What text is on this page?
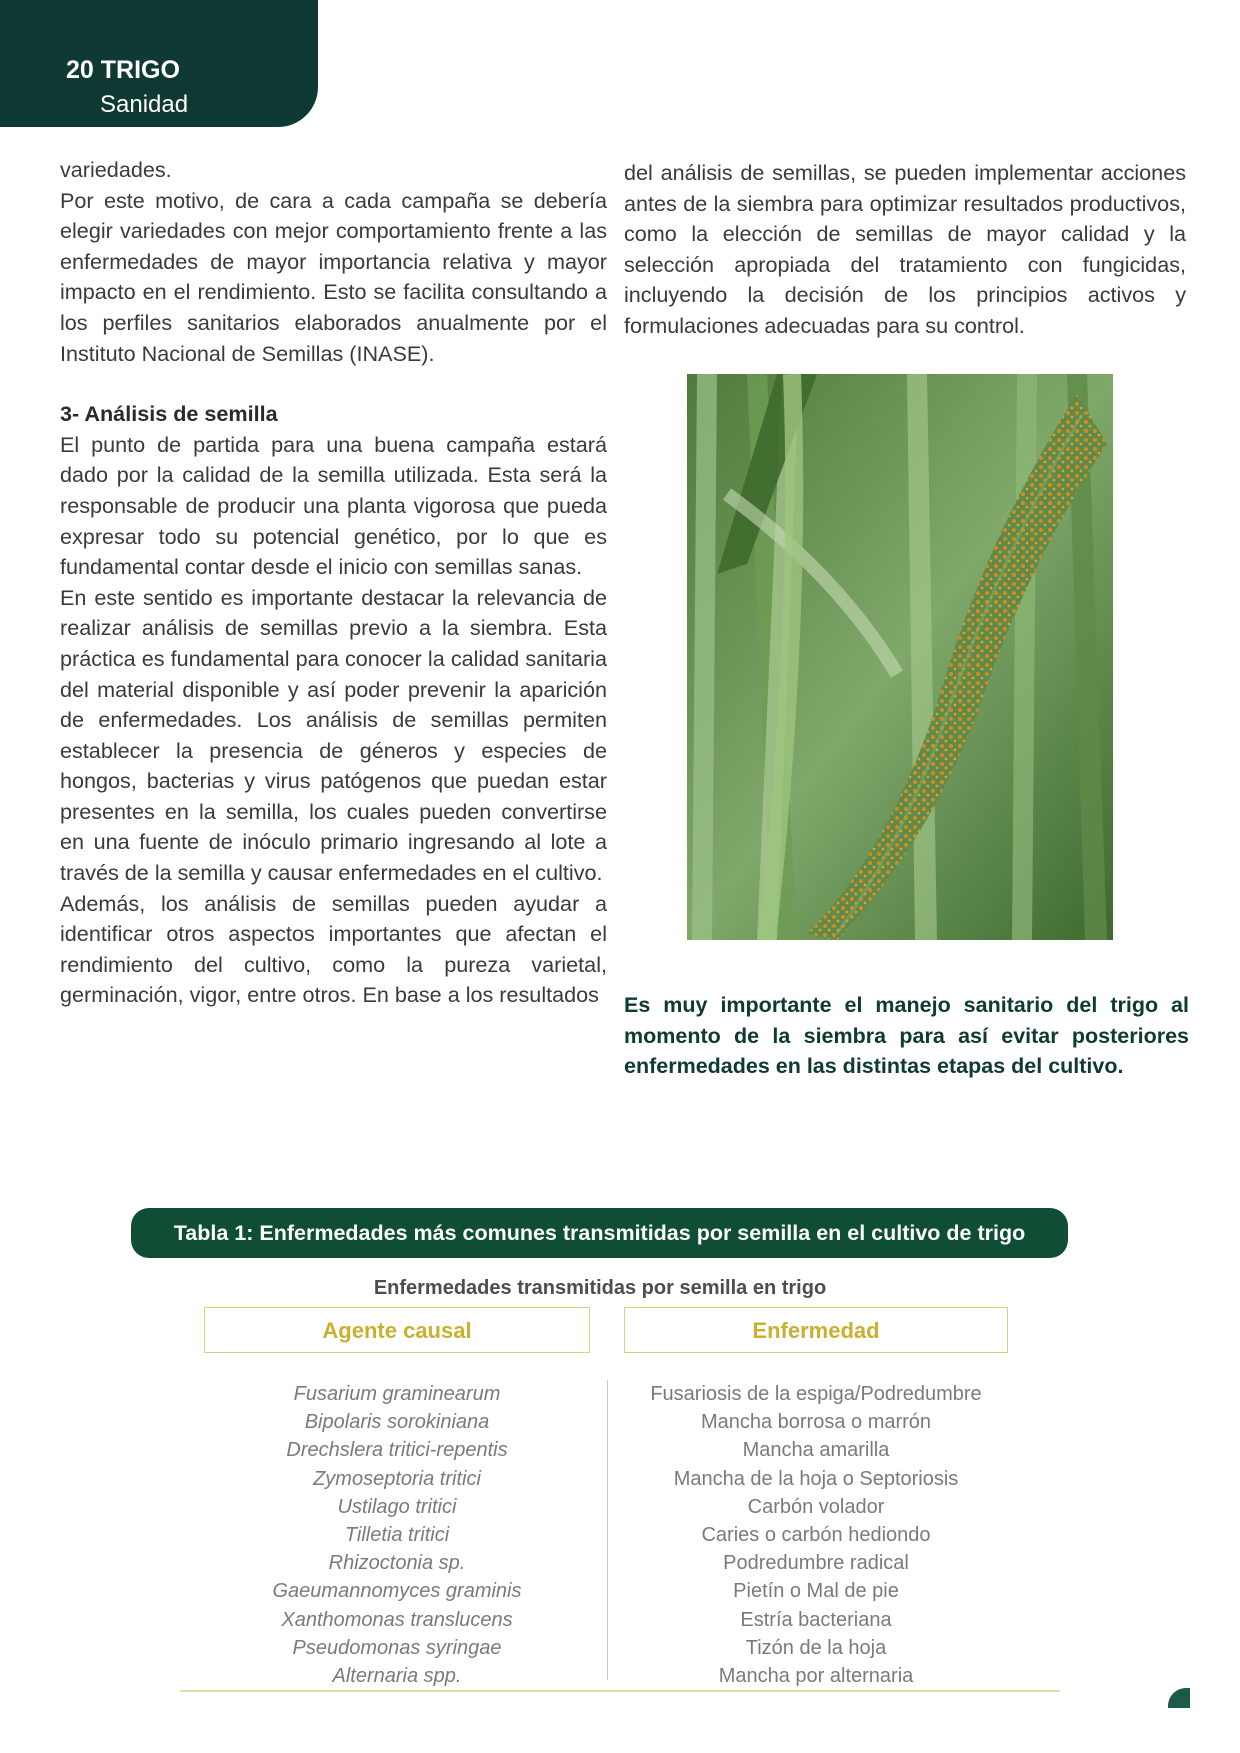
20 TRIGO
Sanidad

variedades.

Por este motivo, de cara a cada campaña se debería elegir variedades con mejor comportamiento frente a las enfermedades de mayor importancia relativa y mayor impacto en el rendimiento. Esto se facilita consultando a los perfiles sanitarios elaborados anualmente por el Instituto Nacional de Semillas (INASE).

3- Análisis de semilla

El punto de partida para una buena campaña estará dado por la calidad de la semilla utilizada. Esta será la responsable de producir una planta vigorosa que pueda expresar todo su potencial genético, por lo que es fundamental contar desde el inicio con semillas sanas.

En este sentido es importante destacar la relevancia de realizar análisis de semillas previo a la siembra. Esta práctica es fundamental para conocer la calidad sanitaria del material disponible y así poder prevenir la aparición de enfermedades. Los análisis de semillas permiten establecer la presencia de géneros y especies de hongos, bacterias y virus patógenos que puedan estar presentes en la semilla, los cuales pueden convertirse en una fuente de inóculo primario ingresando al lote a través de la semilla y causar enfermedades en el cultivo.

Además, los análisis de semillas pueden ayudar a identificar otros aspectos importantes que afectan el rendimiento del cultivo, como la pureza varietal, germinación, vigor, entre otros. En base a los resultados

del análisis de semillas, se pueden implementar acciones antes de la siembra para optimizar resultados productivos, como la elección de semillas de mayor calidad y la selección apropiada del tratamiento con fungicidas, incluyendo la decisión de los principios activos y formulaciones adecuadas para su control.

Es muy importante el manejo sanitario del trigo al momento de la siembra para así evitar posteriores enfermedades en las distintas etapas del cultivo.
Tabla 1: Enfermedades más comunes transmitidas por semilla en el cultivo de trigo
Enfermedades transmitidas por semilla en trigo
Agente causal	Enfermedad
Fusarium graminearum
Bipolaris sorokiniana
Drechslera tritici-repentis
Zymoseptoria tritici
Ustilago tritici
Tilletia tritici
Rhizoctonia sp.
Gaeumannomyces graminis
Xanthomonas translucens
Pseudomonas syringae
Alternaria spp.
Fusariosis de la espiga/Podredumbre
Mancha borrosa o marrón
Mancha amarilla
Mancha de la hoja o Septoriosis
Carbón volador
Caries o carbón hediondo
Podredumbre radical
Pietín o Mal de pie
Estría bacteriana
Tizón de la hoja
Mancha por alternaria
